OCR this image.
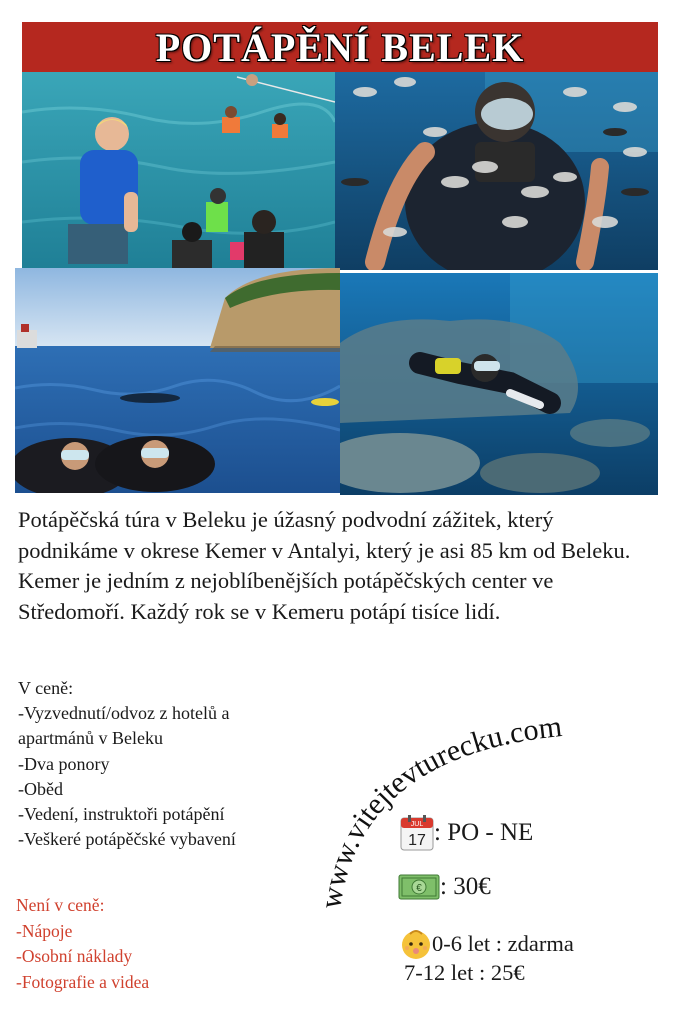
POTÁPĚNÍ BELEK

Potápěčská túra v Beleku je úžasný podvodní zážitek, který podnikáme v okrese Kemer v Antalyi, který je asi 85 km od Beleku. Kemer je jedním z nejoblíbenějších potápěčských center ve Středomoří. Každý rok se v Kemeru potápí tisíce lidí.

V ceně:
-Vyzvednutí/odvoz z hotelů a
apartmánů v Beleku
-Dva ponory
-Oběd
-Vedení, instruktoři potápění
-Veškeré potápěčské vybavení
Není v ceně:
-Nápoje
-Osobní náklady
-Fotografie a videa
www.vitejtevturecku.com
JUL
17 : PO - NE
€ : 30€
0-6 let : zdarma
7-12 let : 25€
